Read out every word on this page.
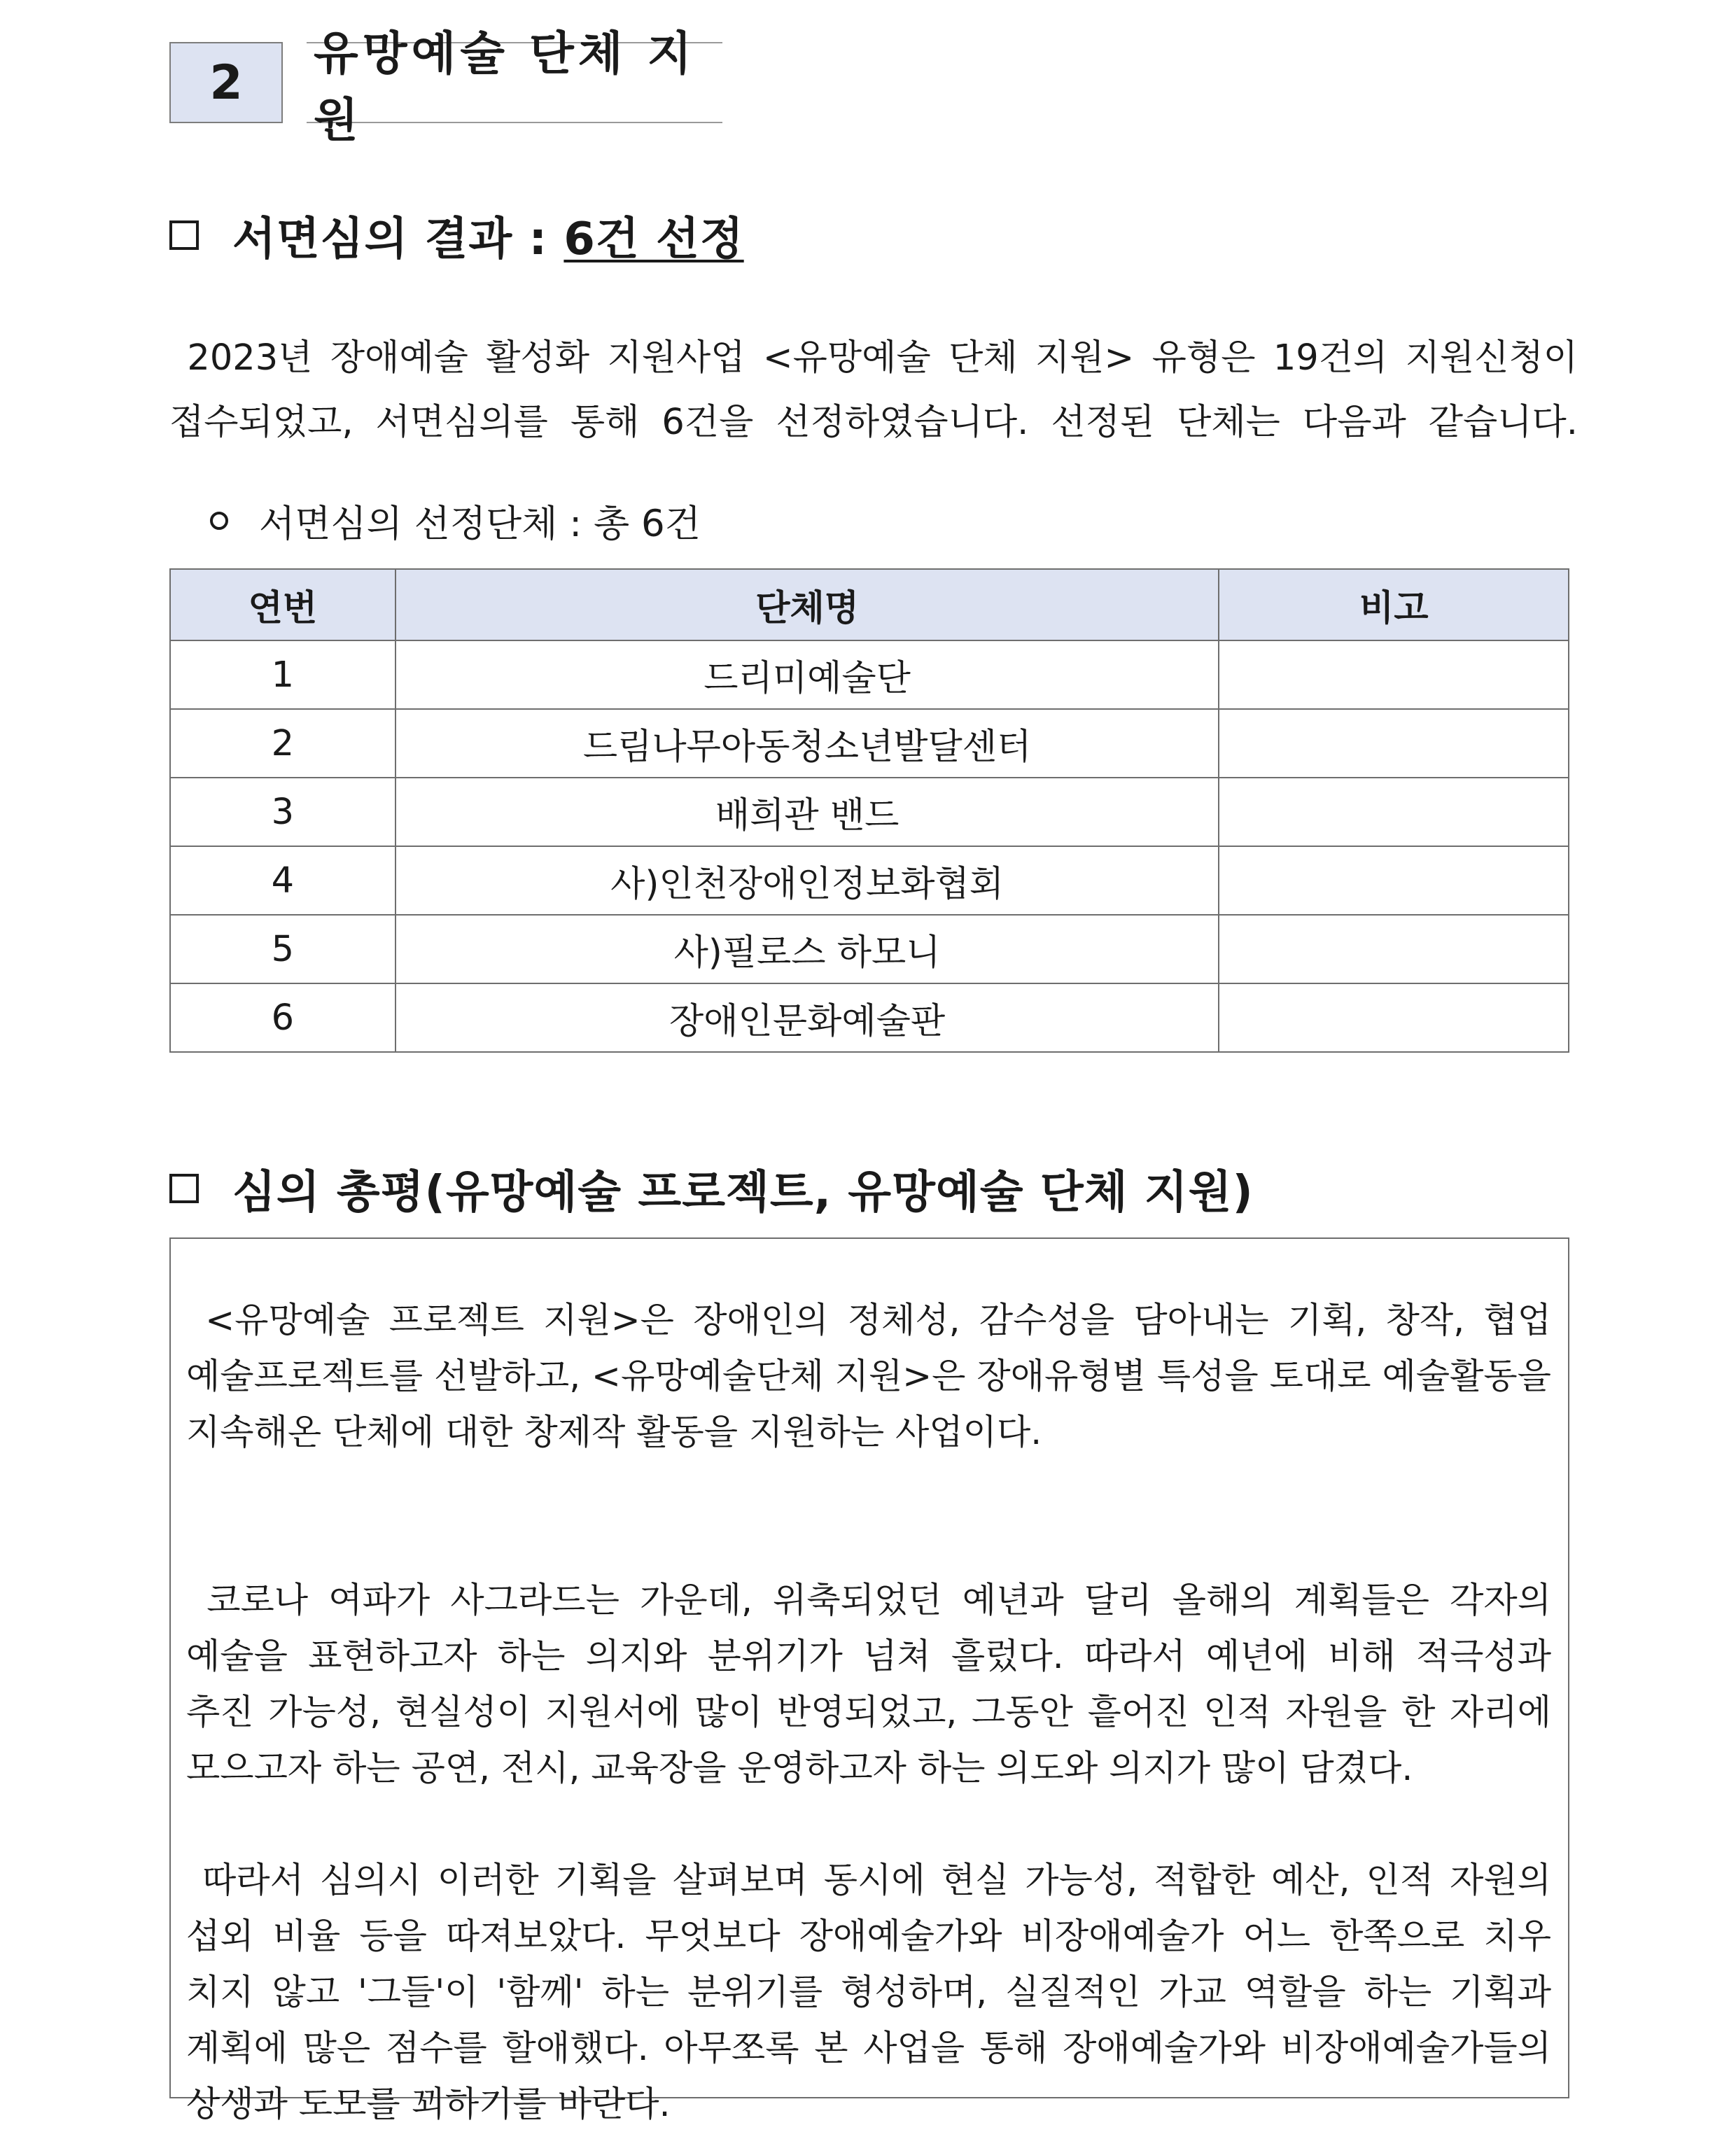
2
유망예술 단체 지원
서면심의 결과 : 6건 선정
2023년 장애예술 활성화 지원사업 <유망예술 단체 지원> 유형은 19건의 지원신청이
접수되었고, 서면심의를 통해 6건을 선정하였습니다. 선정된 단체는 다음과 같습니다.
서면심의 선정단체 : 총 6건
연번	단체명	비고
1	드리미예술단	
2	드림나무아동청소년발달센터	
3	배희관 밴드	
4	사)인천장애인정보화협회	
5	사)필로스 하모니	
6	장애인문화예술판	
심의 총평(유망예술 프로젝트, 유망예술 단체 지원)
<유망예술 프로젝트 지원>은 장애인의 정체성, 감수성을 담아내는 기획, 창작, 협업
예술프로젝트를 선발하고, <유망예술단체 지원>은 장애유형별 특성을 토대로 예술활동을
지속해온 단체에 대한 창제작 활동을 지원하는 사업이다.
코로나 여파가 사그라드는 가운데, 위축되었던 예년과 달리 올해의 계획들은 각자의
예술을 표현하고자 하는 의지와 분위기가 넘쳐 흘렀다. 따라서 예년에 비해 적극성과
추진 가능성, 현실성이 지원서에 많이 반영되었고, 그동안 흩어진 인적 자원을 한 자리에
모으고자 하는 공연, 전시, 교육장을 운영하고자 하는 의도와 의지가 많이 담겼다.
따라서 심의시 이러한 기획을 살펴보며 동시에 현실 가능성, 적합한 예산, 인적 자원의
섭외 비율 등을 따져보았다. 무엇보다 장애예술가와 비장애예술가 어느 한쪽으로 치우
치지 않고 '그들'이 '함께' 하는 분위기를 형성하며, 실질적인 가교 역할을 하는 기획과
계획에 많은 점수를 할애했다. 아무쪼록 본 사업을 통해 장애예술가와 비장애예술가들의
상생과 도모를 꾀하기를 바란다.
